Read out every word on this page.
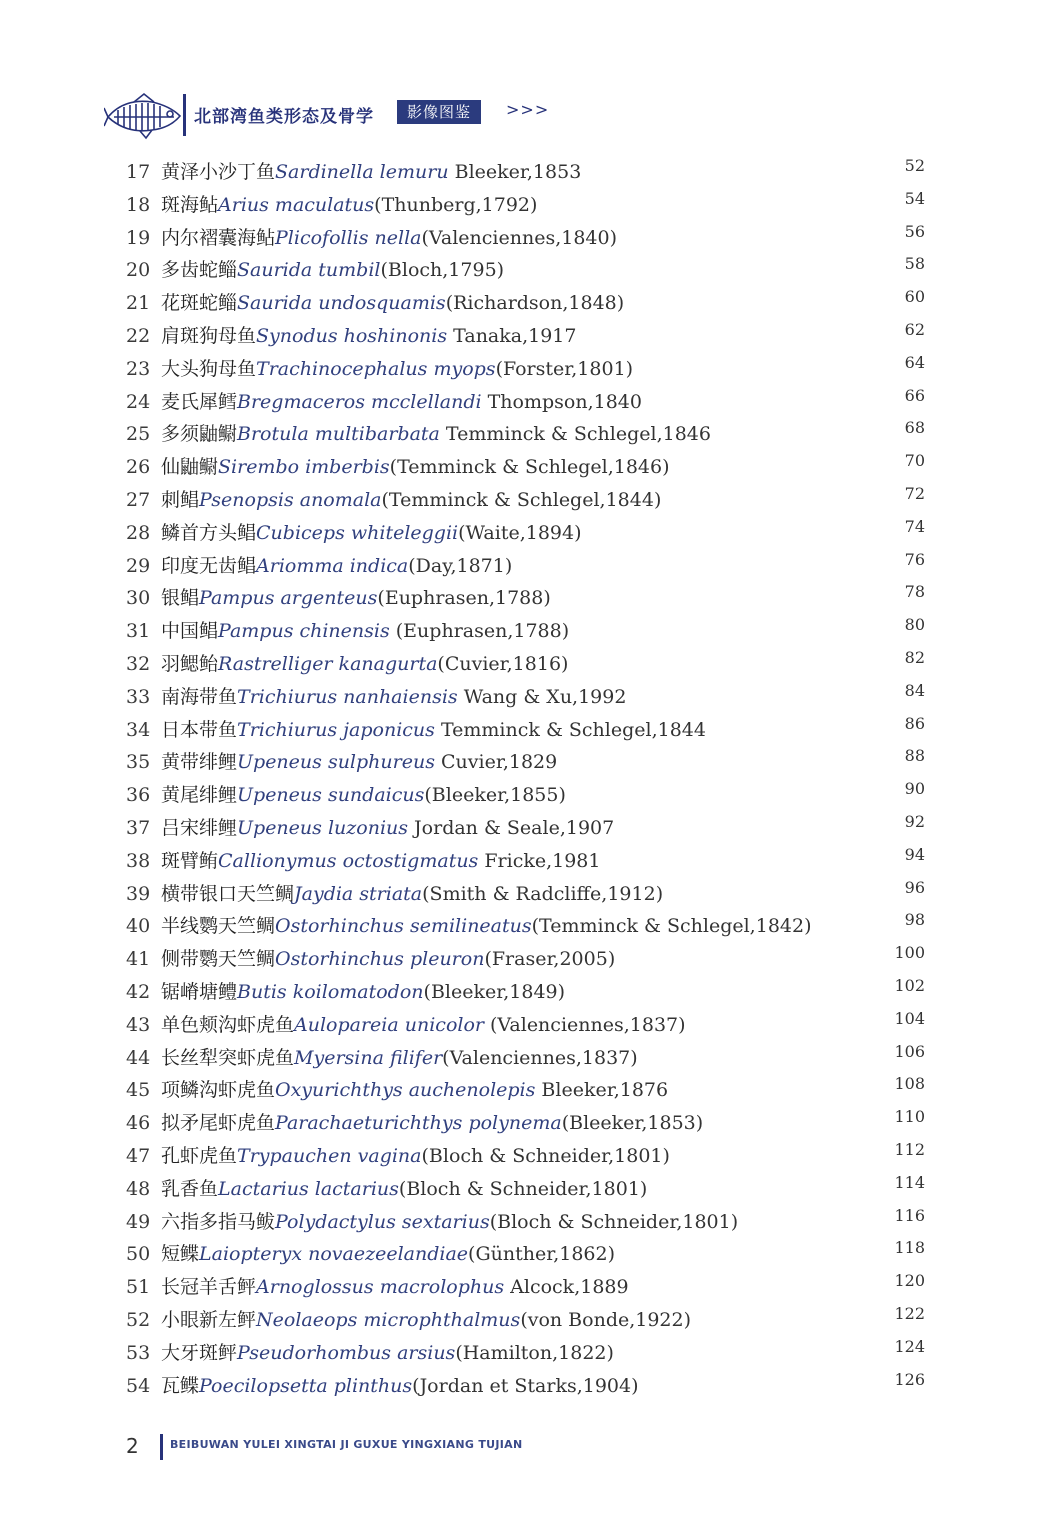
北部湾鱼类形态及骨学	影像图鉴	>>>
17 黄泽小沙丁鱼Sardinella lemuru Bleeker,1853	52
18 斑海鲇Arius maculatus(Thunberg,1792)	54
19 内尔褶囊海鲇Plicofollis nella(Valenciennes,1840)	56
20 多齿蛇鲻Saurida tumbil(Bloch,1795)	58
21 花斑蛇鲻Saurida undosquamis(Richardson,1848)	60
22 肩斑狗母鱼Synodus hoshinonis Tanaka,1917	62
23 大头狗母鱼Trachinocephalus myops(Forster,1801)	64
24 麦氏犀鳕Bregmaceros mcclellandi Thompson,1840	66
25 多须鼬鳚Brotula multibarbata Temminck & Schlegel,1846	68
26 仙鼬鳚Sirembo imberbis(Temminck & Schlegel,1846)	70
27 刺鲳Psenopsis anomala(Temminck & Schlegel,1844)	72
28 鳞首方头鲳Cubiceps whiteleggii(Waite,1894)	74
29 印度无齿鲳Ariomma indica(Day,1871)	76
30 银鲳Pampus argenteus(Euphrasen,1788)	78
31 中国鲳Pampus chinensis (Euphrasen,1788)	80
32 羽鳃鲐Rastrelliger kanagurta(Cuvier,1816)	82
33 南海带鱼Trichiurus nanhaiensis Wang & Xu,1992	84
34 日本带鱼Trichiurus japonicus Temminck & Schlegel,1844	86
35 黄带绯鲤Upeneus sulphureus Cuvier,1829	88
36 黄尾绯鲤Upeneus sundaicus(Bleeker,1855)	90
37 吕宋绯鲤Upeneus luzonius Jordan & Seale,1907	92
38 斑臂鲔Callionymus octostigmatus Fricke,1981	94
39 横带银口天竺鲷Jaydia striata(Smith & Radcliffe,1912)	96
40 半线鹦天竺鲷Ostorhinchus semilineatus(Temminck & Schlegel,1842)	98
41 侧带鹦天竺鲷Ostorhinchus pleuron(Fraser,2005)	100
42 锯嵴塘鳢Butis koilomatodon(Bleeker,1849)	102
43 单色颊沟虾虎鱼Aulopareia unicolor (Valenciennes,1837)	104
44 长丝犁突虾虎鱼Myersina filifer(Valenciennes,1837)	106
45 项鳞沟虾虎鱼Oxyurichthys auchenolepis Bleeker,1876	108
46 拟矛尾虾虎鱼Parachaeturichthys polynema(Bleeker,1853)	110
47 孔虾虎鱼Trypauchen vagina(Bloch & Schneider,1801)	112
48 乳香鱼Lactarius lactarius(Bloch & Schneider,1801)	114
49 六指多指马鲅Polydactylus sextarius(Bloch & Schneider,1801)	116
50 短鲽Laiopteryx novaezeelandiae(Günther,1862)	118
51 长冠羊舌鲆Arnoglossus macrolophus Alcock,1889	120
52 小眼新左鲆Neolaeops microphthalmus(von Bonde,1922)	122
53 大牙斑鲆Pseudorhombus arsius(Hamilton,1822)	124
54 瓦鲽Poecilopsetta plinthus(Jordan et Starks,1904)	126
2	BEIBUWAN YULEI XINGTAI JI GUXUE YINGXIANG TUJIAN
